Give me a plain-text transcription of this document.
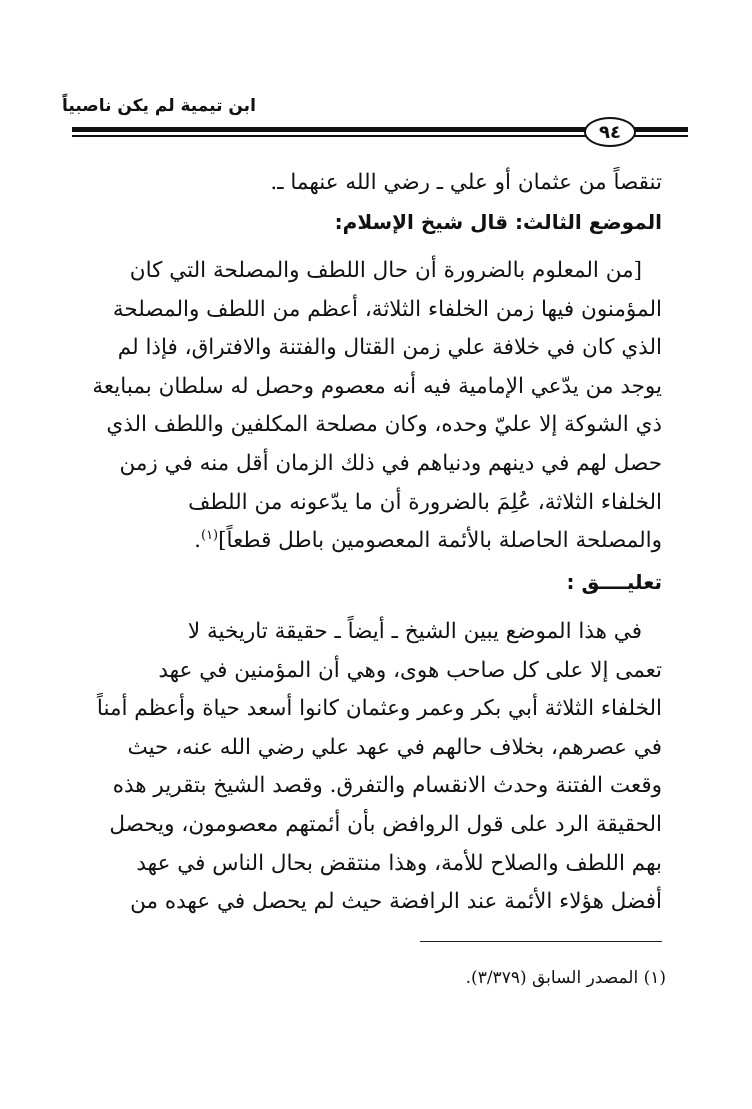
ابن تيمية لم يكن ناصبياً
٩٤
تنقصاً من عثمان أو علي ـ رضي الله عنهما ـ.
الموضع الثالث: قال شيخ الإسلام:
[من المعلوم بالضرورة أن حال اللطف والمصلحة التي كان
المؤمنون فيها زمن الخلفاء الثلاثة، أعظم من اللطف والمصلحة
الذي كان في خلافة علي زمن القتال والفتنة والافتراق، فإذا لم
يوجد من يدّعي الإمامية فيه أنه معصوم وحصل له سلطان بمبايعة
ذي الشوكة إلا عليّ وحده، وكان مصلحة المكلفين واللطف الذي
حصل لهم في دينهم ودنياهم في ذلك الزمان أقل منه في زمن
الخلفاء الثلاثة، عُلِمَ بالضرورة أن ما يدّعونه من اللطف
والمصلحة الحاصلة بالأئمة المعصومين باطل قطعاً]$^{(١)}$.
تعليــــق :
في هذا الموضع يبين الشيخ ـ أيضاً ـ حقيقة تاريخية لا
تعمى إلا على كل صاحب هوى، وهي أن المؤمنين في عهد
الخلفاء الثلاثة أبي بكر وعمر وعثمان كانوا أسعد حياة وأعظم أمناً
في عصرهم، بخلاف حالهم في عهد علي رضي الله عنه، حيث
وقعت الفتنة وحدث الانقسام والتفرق. وقصد الشيخ بتقرير هذه
الحقيقة الرد على قول الروافض بأن أئمتهم معصومون، ويحصل
بهم اللطف والصلاح للأمة، وهذا منتقض بحال الناس في عهد
أفضل هؤلاء الأئمة عند الرافضة حيث لم يحصل في عهده من
(١) المصدر السابق (٣/٣٧٩).
